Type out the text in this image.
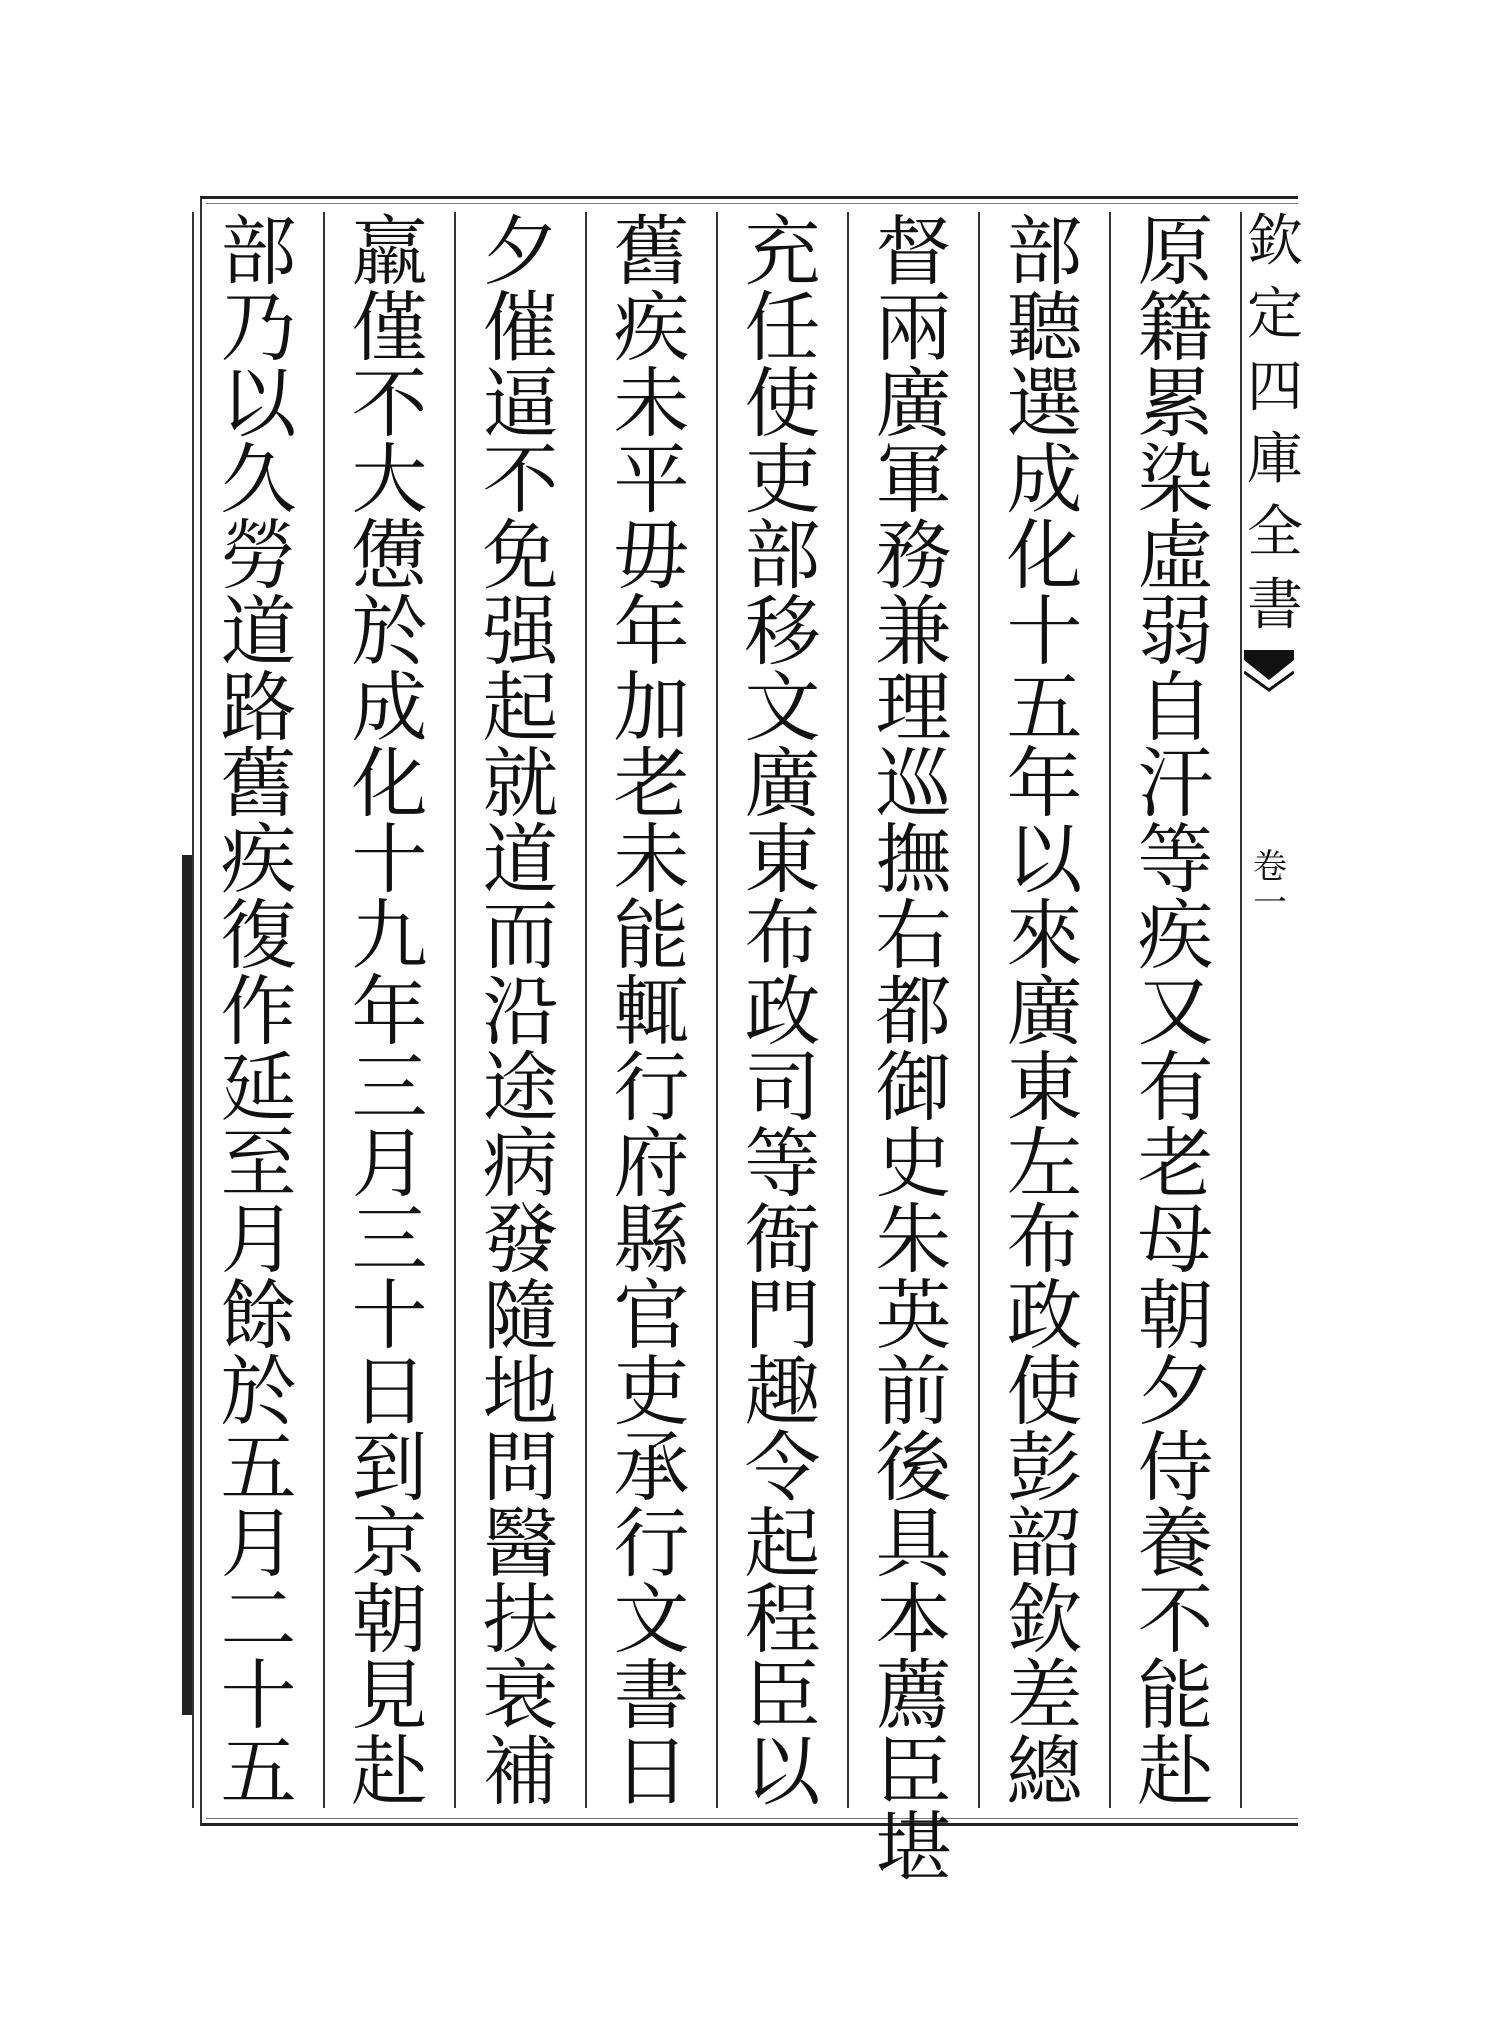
欽
定
四
庫
全
書
卷
一
原
籍
累
染
虛
弱
自
汗
等
疾
又
有
老
母
朝
夕
侍
養
不
能
赴
部
聽
選
成
化
十
五
年
以
來
廣
東
左
布
政
使
彭
韶
欽
差
總
督
兩
廣
軍
務
兼
理
巡
撫
右
都
御
史
朱
英
前
後
具
本
薦
臣
堪
充
任
使
吏
部
移
文
廣
東
布
政
司
等
衙
門
趣
令
起
程
臣
以
舊
疾
未
平
毋
年
加
老
未
能
輒
行
府
縣
官
吏
承
行
文
書
日
夕
催
逼
不
免
强
起
就
道
而
沿
途
病
發
隨
地
問
醫
扶
衰
補
羸
僅
不
大
憊
於
成
化
十
九
年
三
月
三
十
日
到
京
朝
見
赴
部
乃
以
久
勞
道
路
舊
疾
復
作
延
至
月
餘
於
五
月
二
十
五
